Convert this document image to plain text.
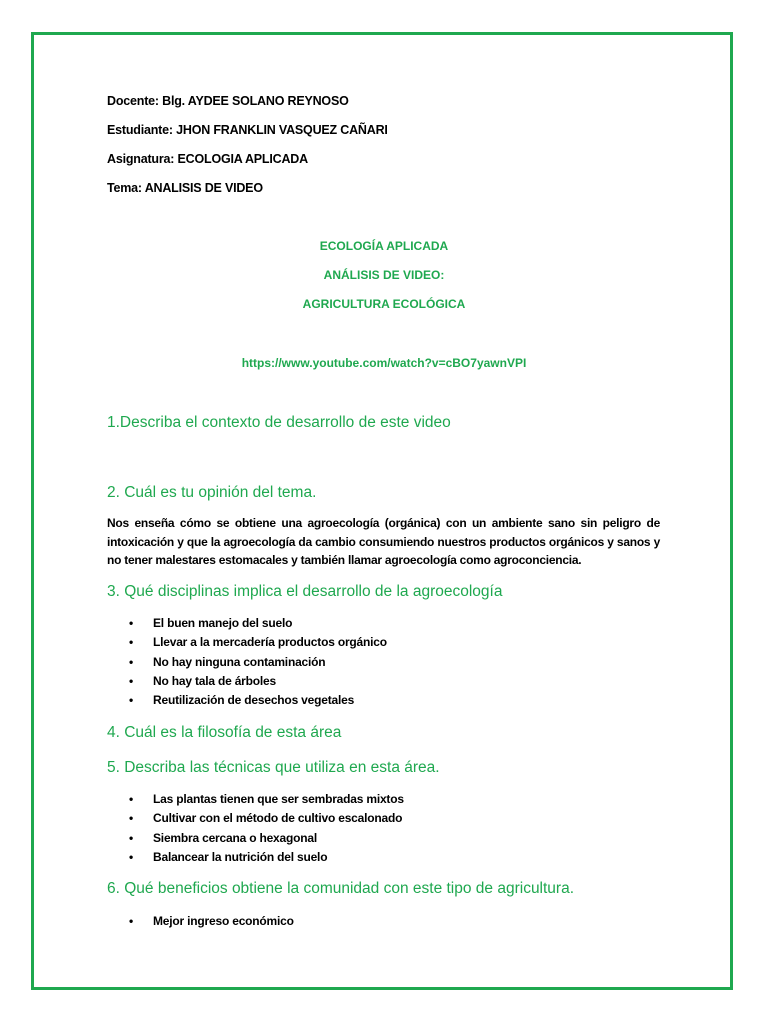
Docente: Blg. AYDEE SOLANO REYNOSO
Estudiante: JHON FRANKLIN VASQUEZ CAÑARI
Asignatura: ECOLOGIA APLICADA
Tema: ANALISIS DE VIDEO
ECOLOGÍA APLICADA
ANÁLISIS DE VIDEO:
AGRICULTURA ECOLÓGICA
https://www.youtube.com/watch?v=cBO7yawnVPI
1.Describa el contexto de desarrollo de este video
2. Cuál es tu opinión del tema.
Nos enseña cómo se obtiene una agroecología (orgánica) con un ambiente sano sin peligro de intoxicación y que la agroecología da cambio consumiendo nuestros productos orgánicos y sanos y no tener malestares estomacales y también llamar agroecología como agroconciencia.
3. Qué disciplinas implica el desarrollo de la agroecología
• El buen manejo del suelo
• Llevar a la mercadería productos orgánico
• No hay ninguna contaminación
• No hay tala de árboles
• Reutilización de desechos vegetales
4. Cuál es la filosofía de esta área
5. Describa las técnicas que utiliza en esta área.
• Las plantas tienen que ser sembradas mixtos
• Cultivar con el método de cultivo escalonado
• Siembra cercana o hexagonal
• Balancear la nutrición del suelo
6. Qué beneficios obtiene la comunidad con este tipo de agricultura.
• Mejor ingreso económico
